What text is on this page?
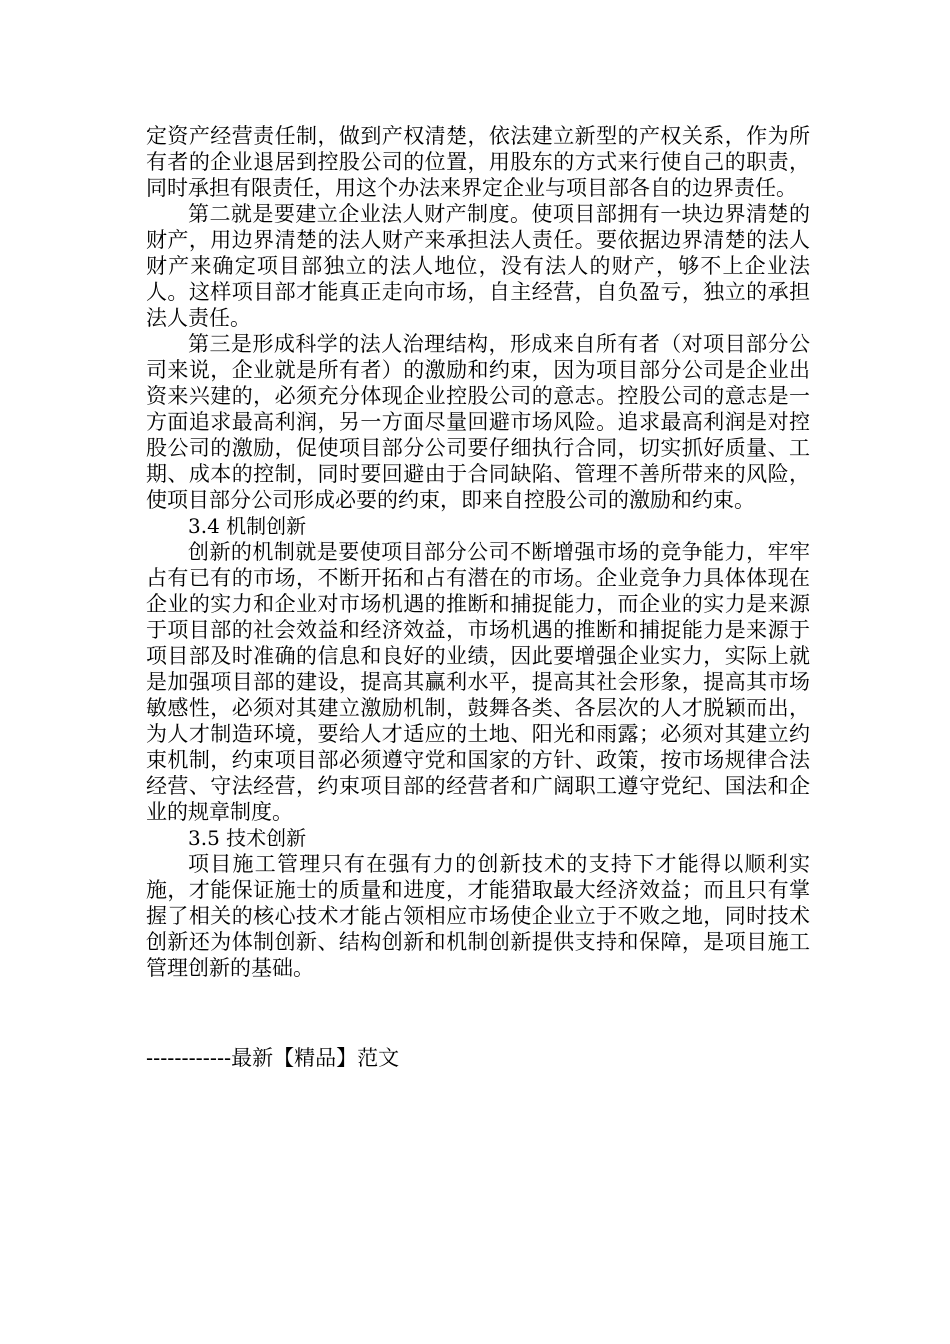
定资产经营责任制，做到产权清楚，依法建立新型的产权关系，作为所有者的企业退居到控股公司的位置，用股东的方式来行使自己的职责，同时承担有限责任，用这个办法来界定企业与项目部各自的边界责任。

第二就是要建立企业法人财产制度。使项目部拥有一块边界清楚的财产，用边界清楚的法人财产来承担法人责任。要依据边界清楚的法人财产来确定项目部独立的法人地位，没有法人的财产，够不上企业法人。这样项目部才能真正走向市场，自主经营，自负盈亏，独立的承担法人责任。

第三是形成科学的法人治理结构，形成来自所有者（对项目部分公司来说，企业就是所有者）的激励和约束，因为项目部分公司是企业出资来兴建的，必须充分体现企业控股公司的意志。控股公司的意志是一方面追求最高利润，另一方面尽量回避市场风险。追求最高利润是对控股公司的激励，促使项目部分公司要仔细执行合同，切实抓好质量、工期、成本的控制，同时要回避由于合同缺陷、管理不善所带来的风险，使项目部分公司形成必要的约束，即来自控股公司的激励和约束。

3.4 机制创新

创新的机制就是要使项目部分公司不断增强市场的竞争能力，牢牢占有已有的市场，不断开拓和占有潜在的市场。企业竞争力具体体现在企业的实力和企业对市场机遇的推断和捕捉能力，而企业的实力是来源于项目部的社会效益和经济效益，市场机遇的推断和捕捉能力是来源于项目部及时准确的信息和良好的业绩，因此要增强企业实力，实际上就是加强项目部的建设，提高其赢利水平，提高其社会形象，提高其市场敏感性，必须对其建立激励机制，鼓舞各类、各层次的人才脱颖而出，为人才制造环境，要给人才适应的土地、阳光和雨露；必须对其建立约束机制，约束项目部必须遵守党和国家的方针、政策，按市场规律合法经营、守法经营，约束项目部的经营者和广阔职工遵守党纪、国法和企业的规章制度。

3.5 技术创新

项目施工管理只有在强有力的创新技术的支持下才能得以顺利实施，才能保证施士的质量和进度，才能猎取最大经济效益；而且只有掌握了相关的核心技术才能占领相应市场使企业立于不败之地，同时技术创新还为体制创新、结构创新和机制创新提供支持和保障，是项目施工管理创新的基础。

------------最新【精品】范文
